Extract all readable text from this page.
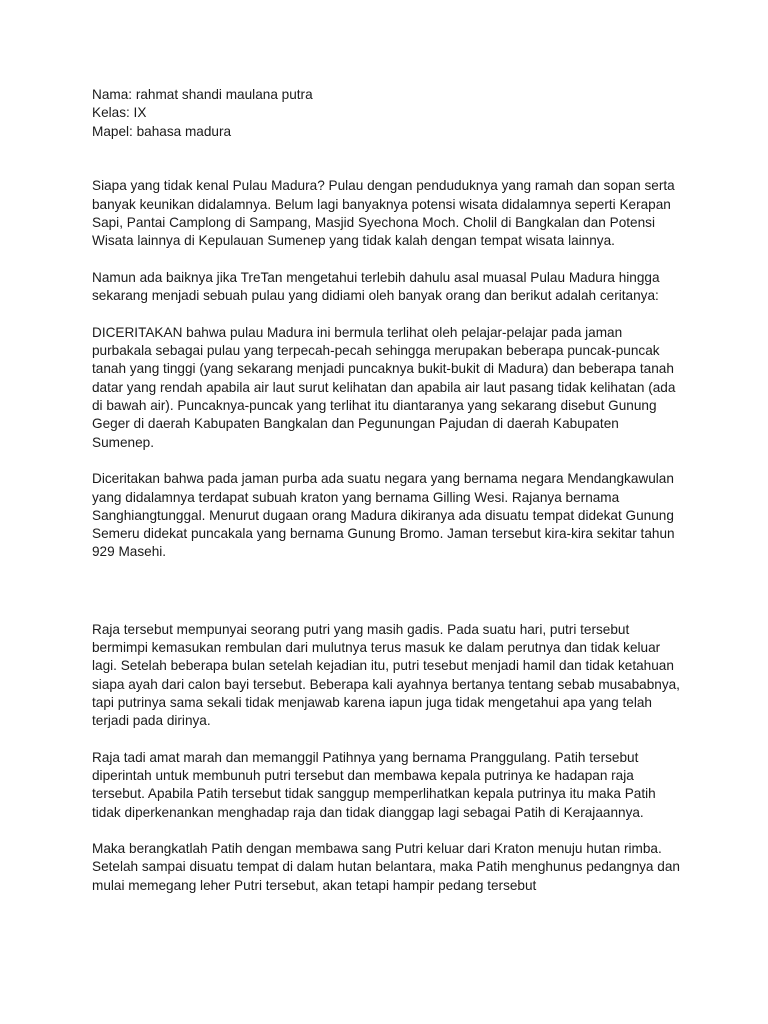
Nama: rahmat shandi maulana putra

Kelas: IX

Mapel: bahasa madura

Siapa yang tidak kenal Pulau Madura? Pulau dengan penduduknya yang ramah dan sopan serta banyak keunikan didalamnya. Belum lagi banyaknya potensi wisata didalamnya seperti Kerapan Sapi, Pantai Camplong di Sampang, Masjid Syechona Moch. Cholil di Bangkalan dan Potensi Wisata lainnya di Kepulauan Sumenep yang tidak kalah dengan tempat wisata lainnya.

Namun ada baiknya jika TreTan mengetahui terlebih dahulu asal muasal Pulau Madura hingga sekarang menjadi sebuah pulau yang didiami oleh banyak orang dan berikut adalah ceritanya:

DICERITAKAN bahwa pulau Madura ini bermula terlihat oleh pelajar-pelajar pada jaman purbakala sebagai pulau yang terpecah-pecah sehingga merupakan beberapa puncak-puncak tanah yang tinggi (yang sekarang menjadi puncaknya bukit-bukit di Madura) dan beberapa tanah datar yang rendah apabila air laut surut kelihatan dan apabila air laut pasang tidak kelihatan (ada di bawah air). Puncaknya-puncak yang terlihat itu diantaranya yang sekarang disebut Gunung Geger di daerah Kabupaten Bangkalan dan Pegunungan Pajudan di daerah Kabupaten Sumenep.

Diceritakan bahwa pada jaman purba ada suatu negara yang bernama negara Mendangkawulan yang didalamnya terdapat subuah kraton yang bernama Gilling Wesi. Rajanya bernama Sanghiangtunggal. Menurut dugaan orang Madura dikiranya ada disuatu tempat didekat Gunung Semeru didekat puncakala yang bernama Gunung Bromo. Jaman tersebut kira-kira sekitar tahun 929 Masehi.

Raja tersebut mempunyai seorang putri yang masih gadis. Pada suatu hari, putri tersebut bermimpi kemasukan rembulan dari mulutnya terus masuk ke dalam perutnya dan tidak keluar lagi. Setelah beberapa bulan setelah kejadian itu, putri tesebut menjadi hamil dan tidak ketahuan siapa ayah dari calon bayi tersebut. Beberapa kali ayahnya bertanya tentang sebab musababnya, tapi putrinya sama sekali tidak menjawab karena iapun juga tidak mengetahui apa yang telah terjadi pada dirinya.

Raja tadi amat marah dan memanggil Patihnya yang bernama Pranggulang. Patih tersebut diperintah untuk membunuh putri tersebut dan membawa kepala putrinya ke hadapan raja tersebut. Apabila Patih tersebut tidak sanggup memperlihatkan kepala putrinya itu maka Patih tidak diperkenankan menghadap raja dan tidak dianggap lagi sebagai Patih di Kerajaannya.

Maka berangkatlah Patih dengan membawa sang Putri keluar dari Kraton menuju hutan rimba. Setelah sampai disuatu tempat di dalam hutan belantara, maka Patih menghunus pedangnya dan mulai memegang leher Putri tersebut, akan tetapi hampir pedang tersebut
